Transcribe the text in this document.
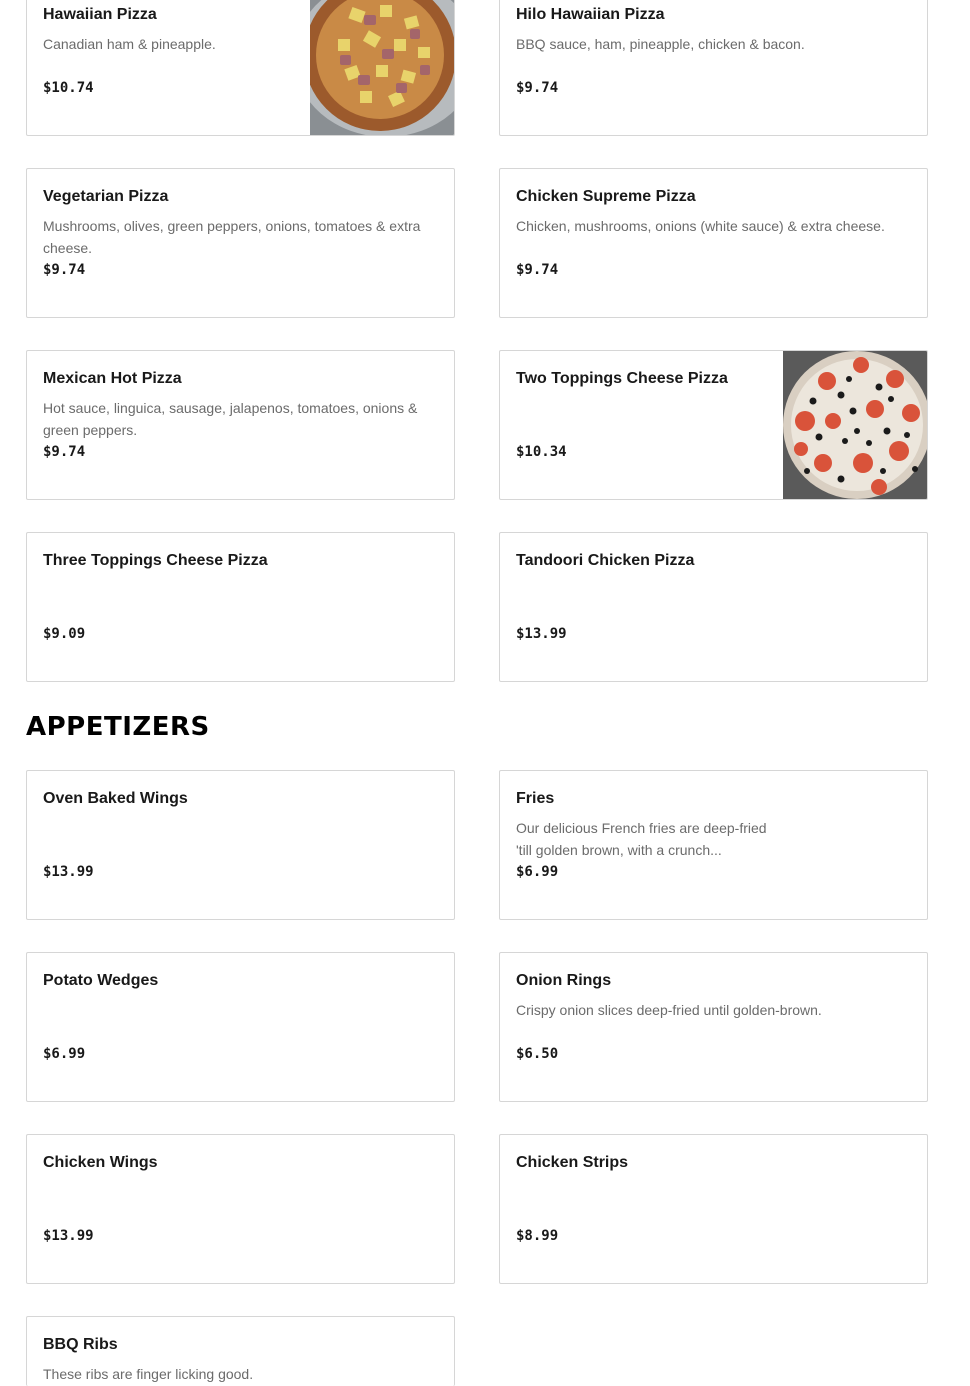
Hawaiian Pizza
Canadian ham & pineapple.
$10.74
Hilo Hawaiian Pizza
BBQ sauce, ham, pineapple, chicken & bacon.
$9.74
Vegetarian Pizza
Mushrooms, olives, green peppers, onions, tomatoes & extra cheese.
$9.74
Chicken Supreme Pizza
Chicken, mushrooms, onions (white sauce) & extra cheese.
$9.74
Mexican Hot Pizza
Hot sauce, linguica, sausage, jalapenos, tomatoes, onions & green peppers.
$9.74
Two Toppings Cheese Pizza
$10.34
Three Toppings Cheese Pizza
$9.09
Tandoori Chicken Pizza
$13.99
APPETIZERS
Oven Baked Wings
$13.99
Fries
Our delicious French fries are deep-fried 'till golden brown, with a crunch...
$6.99
Potato Wedges
$6.99
Onion Rings
Crispy onion slices deep-fried until golden-brown.
$6.50
Chicken Wings
$13.99
Chicken Strips
$8.99
BBQ Ribs
These ribs are finger licking good.
